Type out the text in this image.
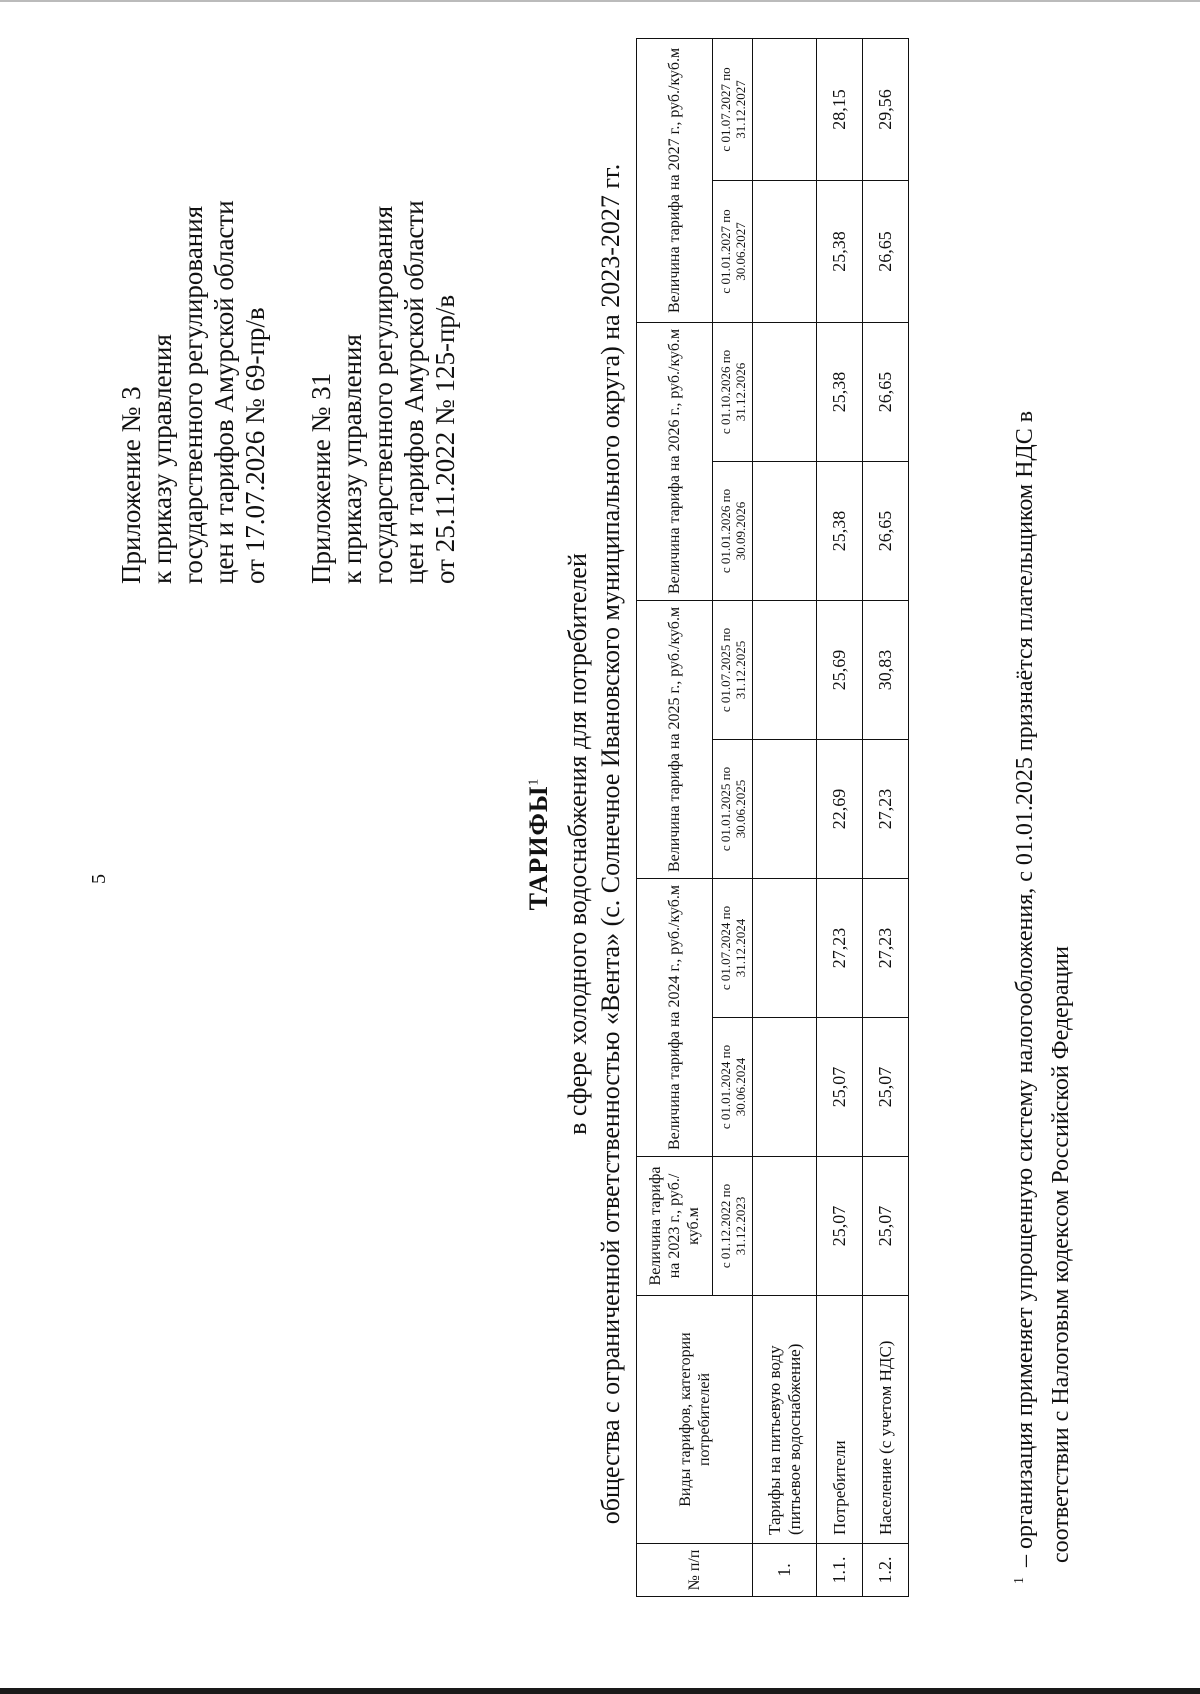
5
Приложение № 3 к приказу управления государственного регулирования цен и тарифов Амурской области от 17.07.2026 № 69-пр/в Приложение № 31 к приказу управления государственного регулирования цен и тарифов Амурской области от 25.11.2022 № 125-пр/в
ТАРИФЫ$^1$ в сфере холодного водоснабжения для потребителей общества с ограниченной ответственностью «Вента» (с. Солнечное Ивановского муниципального округа) на 2023-2027 гг.
№ п/п	Виды тарифов, категории потребителей	Величина тарифа на 2023 г., руб./куб.м	Величина тарифа на 2024 г., руб./куб.м		Величина тарифа на 2025 г., руб./куб.м		Величина тарифа на 2026 г., руб./куб.м		Величина тарифа на 2027 г., руб./куб.м	
		с 01.12.2022 по 31.12.2023	с 01.01.2024 по 30.06.2024	с 01.07.2024 по 31.12.2024	с 01.01.2025 по 30.06.2025	с 01.07.2025 по 31.12.2025	с 01.01.2026 по 30.09.2026	с 01.10.2026 по 31.12.2026	с 01.01.2027 по 30.06.2027	с 01.07.2027 по 31.12.2027
1.	Тарифы на питьевую воду (питьевое водоснабжение)									
1.1.	Потребители	25,07	25,07	27,23	22,69	25,69	25,38	25,38	25,38	28,15
1.2.	Население (с учетом НДС)	25,07	25,07	27,23	27,23	30,83	26,65	26,65	26,65	29,56
$^1$ – организация применяет упрощенную систему налогообложения, с 01.01.2025 признаётся плательщиком НДС в соответствии с Налоговым кодексом Российской Федерации
